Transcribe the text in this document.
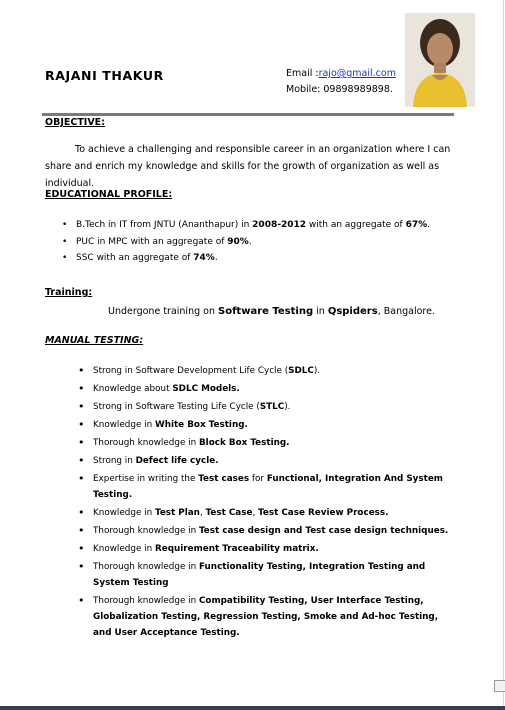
RAJANI THAKUR	Email :rajo@gmail.com
Mobile: 09898989898.
OBJECTIVE:
To achieve a challenging and responsible career in an organization where I can share and enrich my knowledge and skills for the growth of organization as well as individual.
EDUCATIONAL PROFILE:
• B.Tech in IT from JNTU (Ananthapur) in 2008-2012 with an aggregate of 67%.
• PUC in MPC with an aggregate of 90%.
• SSC with an aggregate of 74%.
Training:
Undergone training on Software Testing in Qspiders, Bangalore.
MANUAL TESTING:
• Strong in Software Development Life Cycle (SDLC).
• Knowledge about SDLC Models.
• Strong in Software Testing Life Cycle (STLC).
• Knowledge in White Box Testing.
• Thorough knowledge in Block Box Testing.
• Strong in Defect life cycle.
• Expertise in writing the Test cases for Functional, Integration And System Testing.
• Knowledge in Test Plan, Test Case, Test Case Review Process.
• Thorough knowledge in Test case design and Test case design techniques.
• Knowledge in Requirement Traceability matrix.
• Thorough knowledge in Functionality Testing, Integration Testing and System Testing
• Thorough knowledge in Compatibility Testing, User Interface Testing, Globalization Testing, Regression Testing, Smoke and Ad-hoc Testing, and User Acceptance Testing.
